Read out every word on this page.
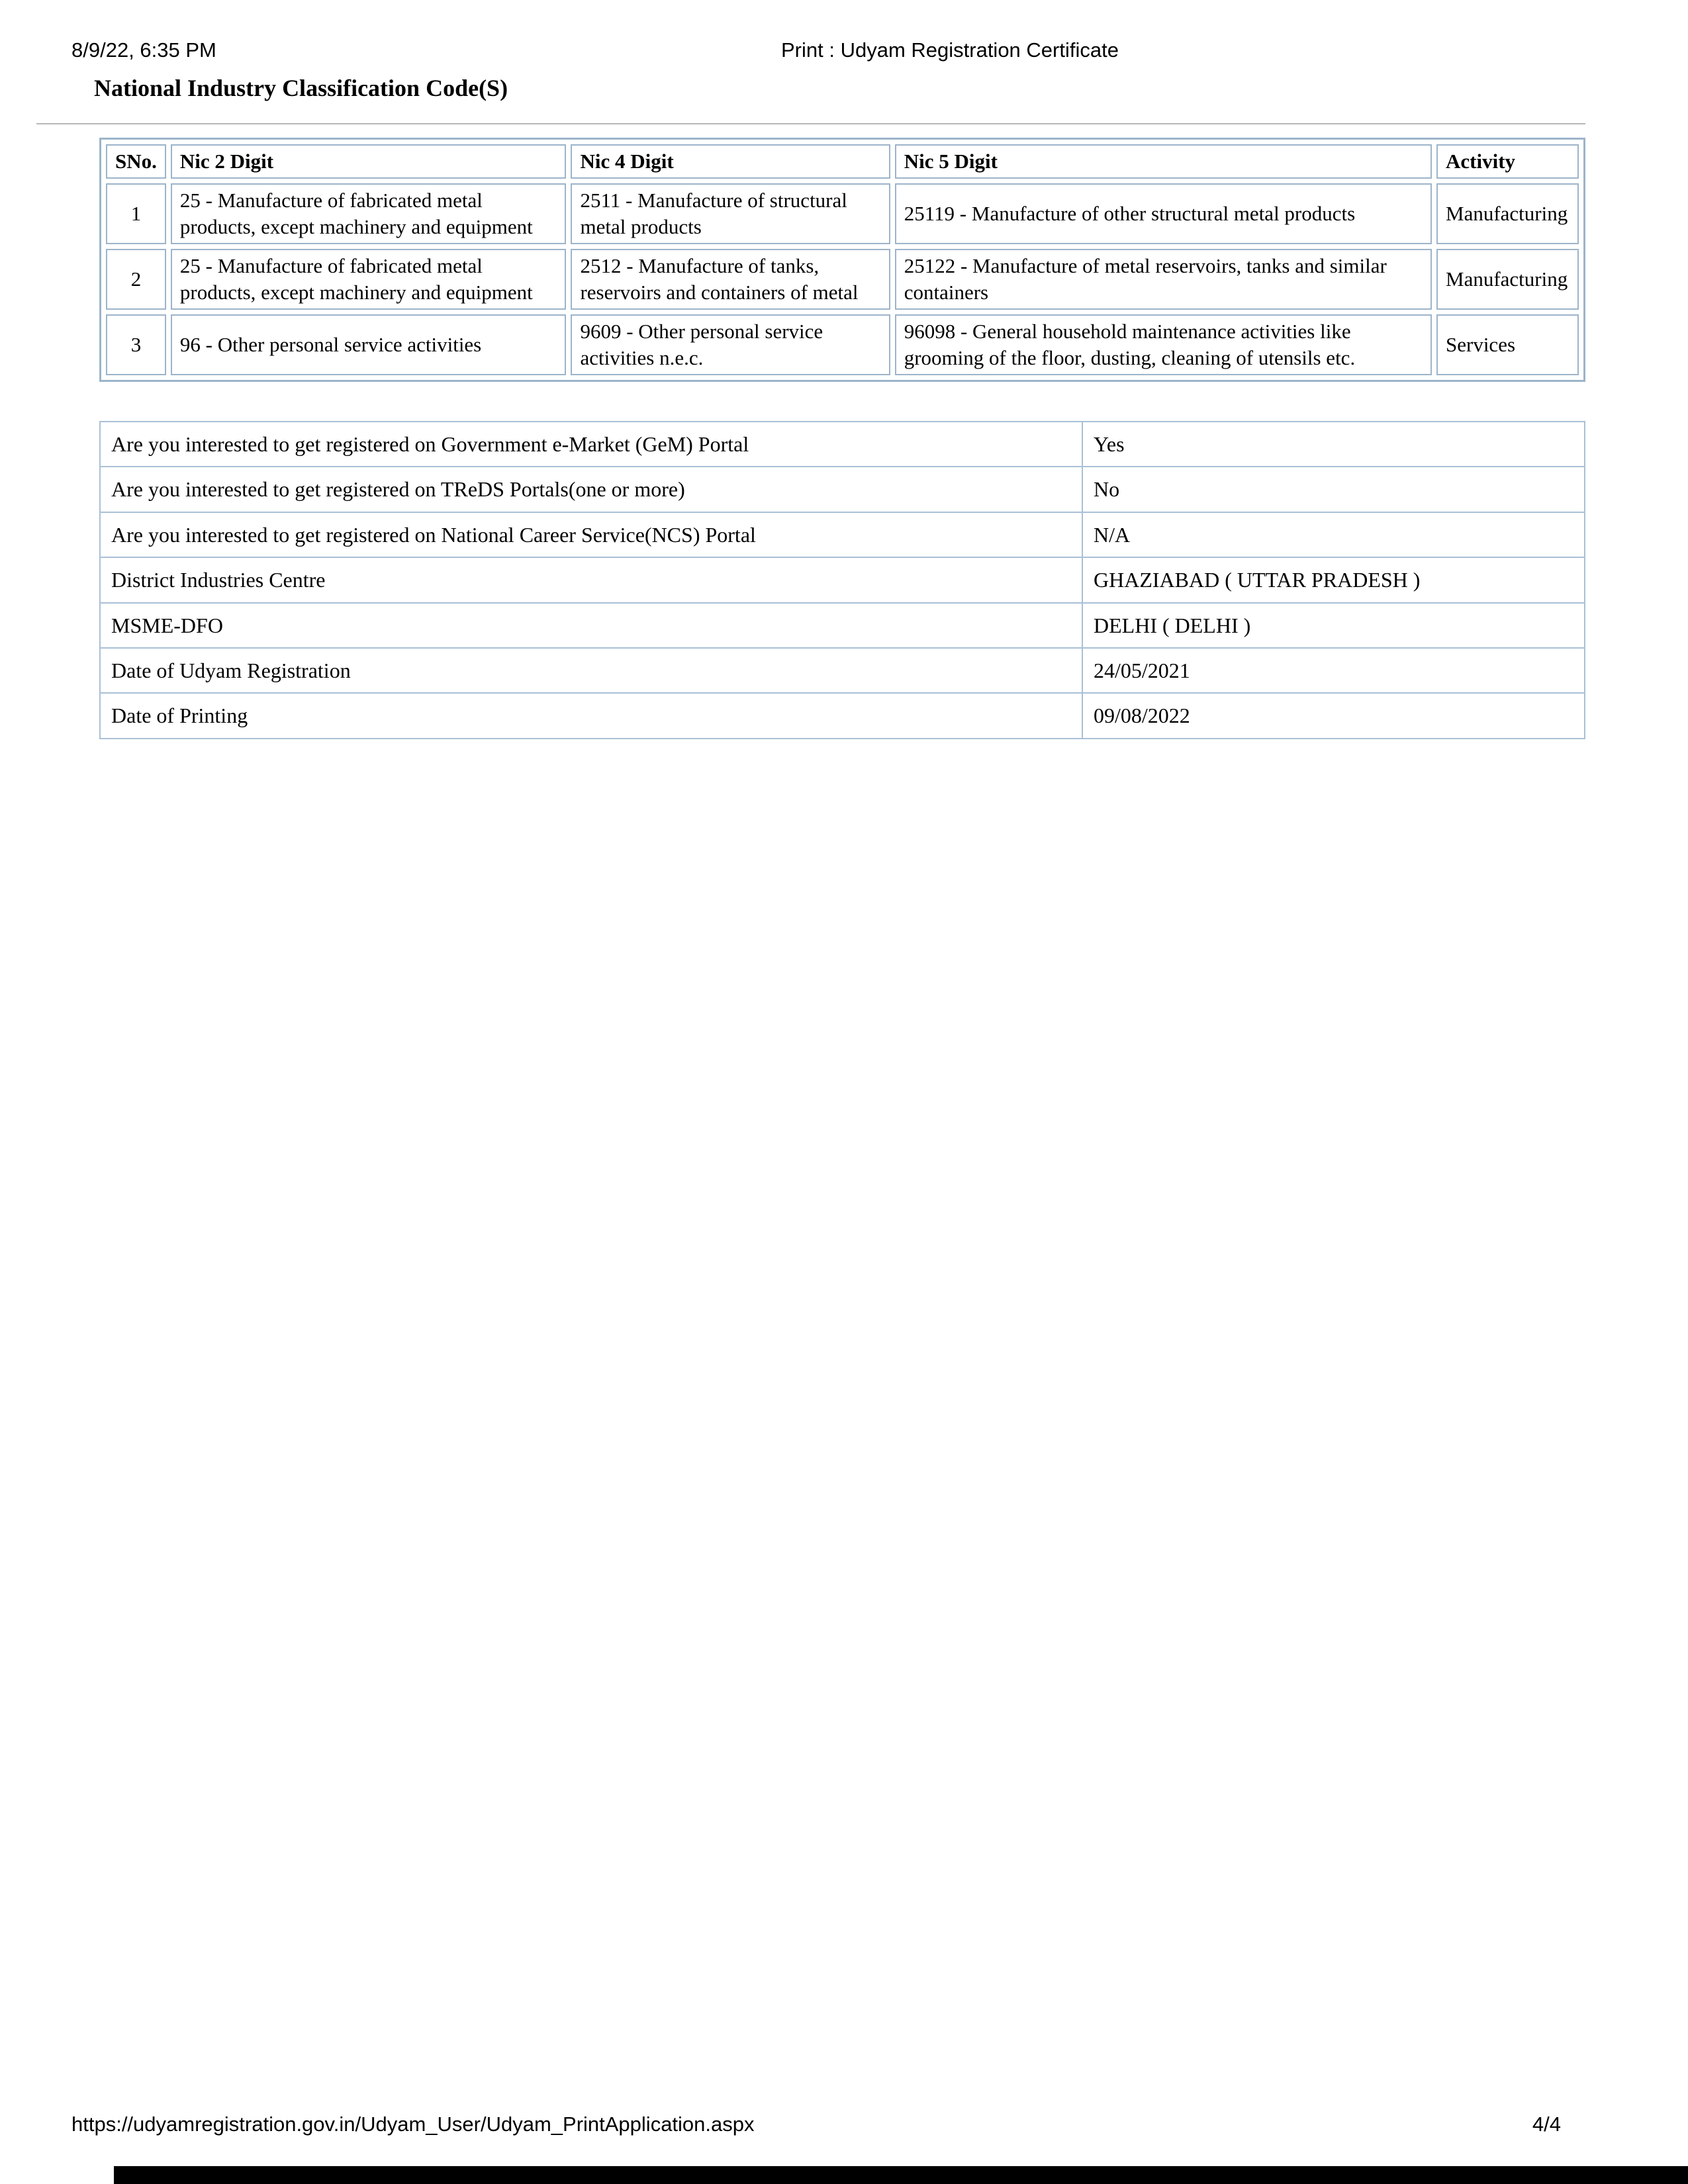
8/9/22, 6:35 PM	Print : Udyam Registration Certificate
National Industry Classification Code(S)
SNo.	Nic 2 Digit	Nic 4 Digit	Nic 5 Digit	Activity
1	25 - Manufacture of fabricated metal products, except machinery and equipment	2511 - Manufacture of structural metal products	25119 - Manufacture of other structural metal products	Manufacturing
2	25 - Manufacture of fabricated metal products, except machinery and equipment	2512 - Manufacture of tanks, reservoirs and containers of metal	25122 - Manufacture of metal reservoirs, tanks and similar containers	Manufacturing
3	96 - Other personal service activities	9609 - Other personal service activities n.e.c.	96098 - General household maintenance activities like grooming of the floor, dusting, cleaning of utensils etc.	Services
Are you interested to get registered on Government e-Market (GeM) Portal	Yes
Are you interested to get registered on TReDS Portals(one or more)	No
Are you interested to get registered on National Career Service(NCS) Portal	N/A
District Industries Centre	GHAZIABAD ( UTTAR PRADESH )
MSME-DFO	DELHI ( DELHI )
Date of Udyam Registration	24/05/2021
Date of Printing	09/08/2022
https://udyamregistration.gov.in/Udyam_User/Udyam_PrintApplication.aspx	4/4
